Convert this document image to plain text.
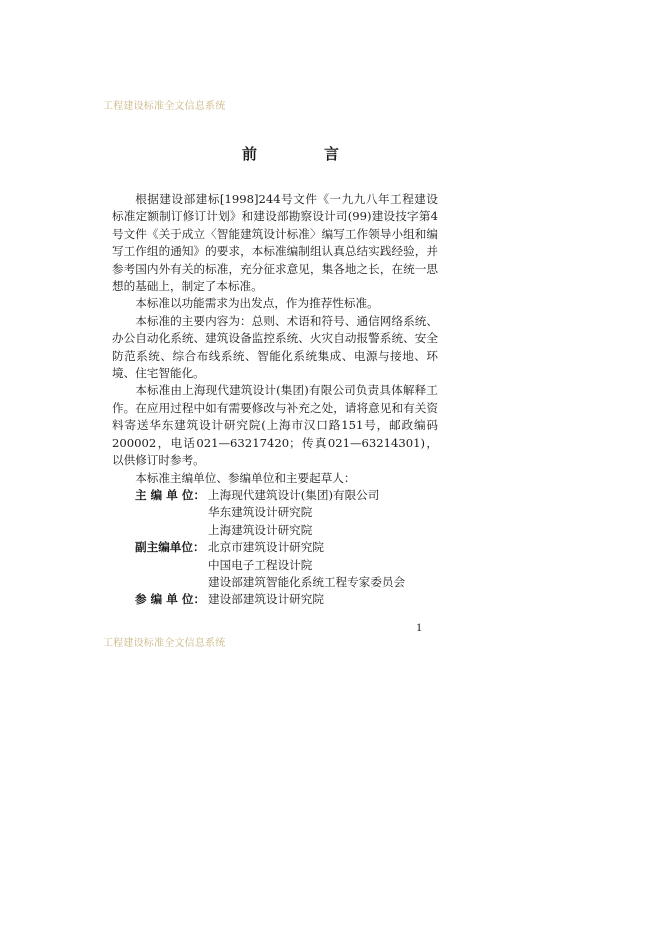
工程建设标准全文信息系统
前　言

根据建设部建标[1998]244号文件《一九九八年工程建设标准定额制订修订计划》和建设部勘察设计司(99)建设技字第4号文件《关于成立〈智能建筑设计标准〉编写工作领导小组和编写工作组的通知》的要求，本标准编制组认真总结实践经验，并参考国内外有关的标准，充分征求意见，集各地之长，在统一思想的基础上，制定了本标准。

本标准以功能需求为出发点，作为推荐性标准。

本标准的主要内容为：总则、术语和符号、通信网络系统、办公自动化系统、建筑设备监控系统、火灾自动报警系统、安全防范系统、综合布线系统、智能化系统集成、电源与接地、环境、住宅智能化。

本标准由上海现代建筑设计(集团)有限公司负责具体解释工作。在应用过程中如有需要修改与补充之处，请将意见和有关资料寄送华东建筑设计研究院(上海市汉口路151号，邮政编码200002，电话021—63217420；传真021—63214301)，以供修订时参考。

本标准主编单位、参编单位和主要起草人：

主 编 单 位： 上海现代建筑设计(集团)有限公司
华东建筑设计研究院
上海建筑设计研究院
副主编单位： 北京市建筑设计研究院
中国电子工程设计院
建设部建筑智能化系统工程专家委员会
参 编 单 位： 建设部建筑设计研究院
1
工程建设标准全文信息系统
